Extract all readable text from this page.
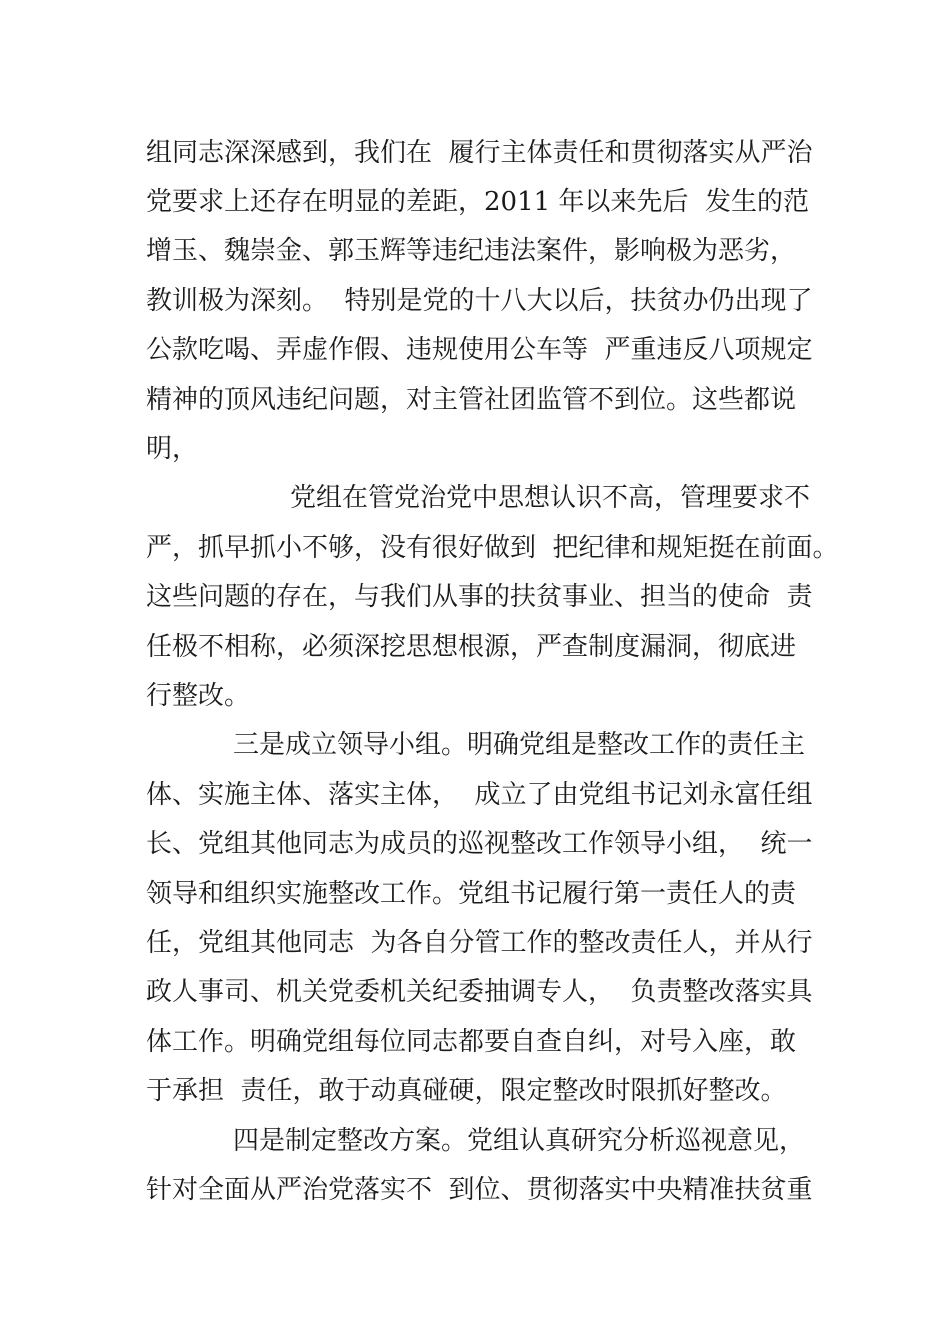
组同志深深感到，我们在  履行主体责任和贯彻落实从严治
党要求上还存在明显的差距，2011 年以来先后  发生的范
增玉、魏崇金、郭玉辉等违纪违法案件，影响极为恶劣，
教训极为深刻。  特别是党的十八大以后，扶贫办仍出现了
公款吃喝、弄虚作假、违规使用公车等  严重违反八项规定
精神的顶风违纪问题，对主管社团监管不到位。这些都说
明，
党组在管党治党中思想认识不高，管理要求不
严，抓早抓小不够，没有很好做到  把纪律和规矩挺在前面。
这些问题的存在，与我们从事的扶贫事业、担当的使命  责
任极不相称，必须深挖思想根源，严查制度漏洞，彻底进
行整改。
三是成立领导小组。明确党组是整改工作的责任主
体、实施主体、落实主体，  成立了由党组书记刘永富任组
长、党组其他同志为成员的巡视整改工作领导小组，  统一
领导和组织实施整改工作。党组书记履行第一责任人的责
任，党组其他同志  为各自分管工作的整改责任人，并从行
政人事司、机关党委机关纪委抽调专人，  负责整改落实具
体工作。明确党组每位同志都要自查自纠，对号入座，敢
于承担  责任，敢于动真碰硬，限定整改时限抓好整改。
四是制定整改方案。党组认真研究分析巡视意见，
针对全面从严治党落实不  到位、贯彻落实中央精准扶贫重
